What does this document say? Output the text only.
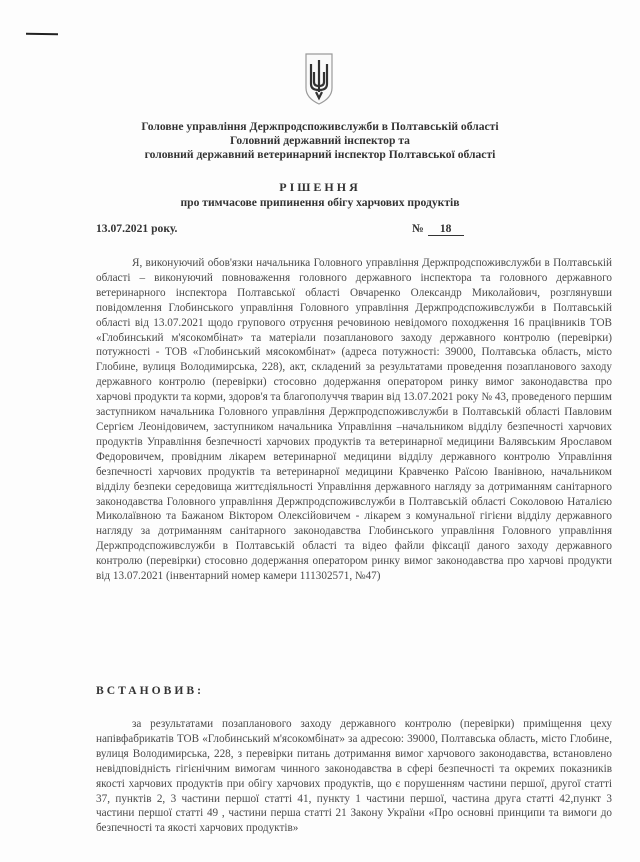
Головне управління Держпродспоживслужби в Полтавській області
Головний державний інспектор та
головний державний ветеринарний інспектор Полтавської області
РІШЕННЯ
про тимчасове припинення обігу харчових продуктів
13.07.2021 року.	№ 18
Я, виконуючий обов'язки начальника Головного управління Держпродспоживслужби в Полтавській області – виконуючий повноваження головного державного інспектора та головного державного ветеринарного інспектора Полтавської області Овчаренко Олександр Миколайович, розглянувши повідомлення Глобинського управління Головного управління Держпродспоживслужби в Полтавській області від 13.07.2021 щодо групового отруєння речовиною невідомого походження 16 працівників ТОВ «Глобинський м'ясокомбінат» та матеріали позапланового заходу державного контролю (перевірки) потужності - ТОВ «Глобинський мясокомбінат» (адреса потужності: 39000, Полтавська область, місто Глобине, вулиця Володимирська, 228), акт, складений за результатами проведення позапланового заходу державного контролю (перевірки) стосовно додержання оператором ринку вимог законодавства про харчові продукти та корми, здоров'я та благополуччя тварин від 13.07.2021 року № 43, проведеного першим заступником начальника Головного управління Держпродспоживслужби в Полтавській області Павловим Сергієм Леонідовичем, заступником начальника Управління –начальником відділу безпечності харчових продуктів Управління безпечності харчових продуктів та ветеринарної медицини Валявським Ярославом Федоровичем, провідним лікарем ветеринарної медицини відділу державного контролю Управління безпечності харчових продуктів та ветеринарної медицини Кравченко Раїсою Іванівною, начальником відділу безпеки середовища життєдіяльності Управління державного нагляду за дотриманням санітарного законодавства Головного управління Держпродспоживслужби в Полтавській області Соколовою Наталією Миколаївною та Бажаном Віктором Олексійовичем - лікарем з комунальної гігієни відділу державного нагляду за дотриманням санітарного законодавства Глобинського управління Головного управління Держпродспоживслужби в Полтавській області та відео файли фіксації даного заходу державного контролю (перевірки) стосовно додержання оператором ринку вимог законодавства про харчові продукти від 13.07.2021 (інвентарний номер камери 111302571, №47)
ВСТАНОВИВ:
за результатами позапланового заходу державного контролю (перевірки) приміщення цеху напівфабрикатів ТОВ «Глобинський м'ясокомбінат» за адресою: 39000, Полтавська область, місто Глобине, вулиця Володимирська, 228, з перевірки питань дотримання вимог харчового законодавства, встановлено невідповідність гігієнічним вимогам чинного законодавства в сфері безпечності та окремих показників якості харчових продуктів при обігу харчових продуктів, що є порушенням частини першої, другої статті 37, пунктів 2, 3 частини першої статті 41, пункту 1 частини першої, частина друга статті 42,пункт 3 частини першої статті 49 , частини перша статті 21 Закону України «Про основні принципи та вимоги до безпечності та якості харчових продуктів»
